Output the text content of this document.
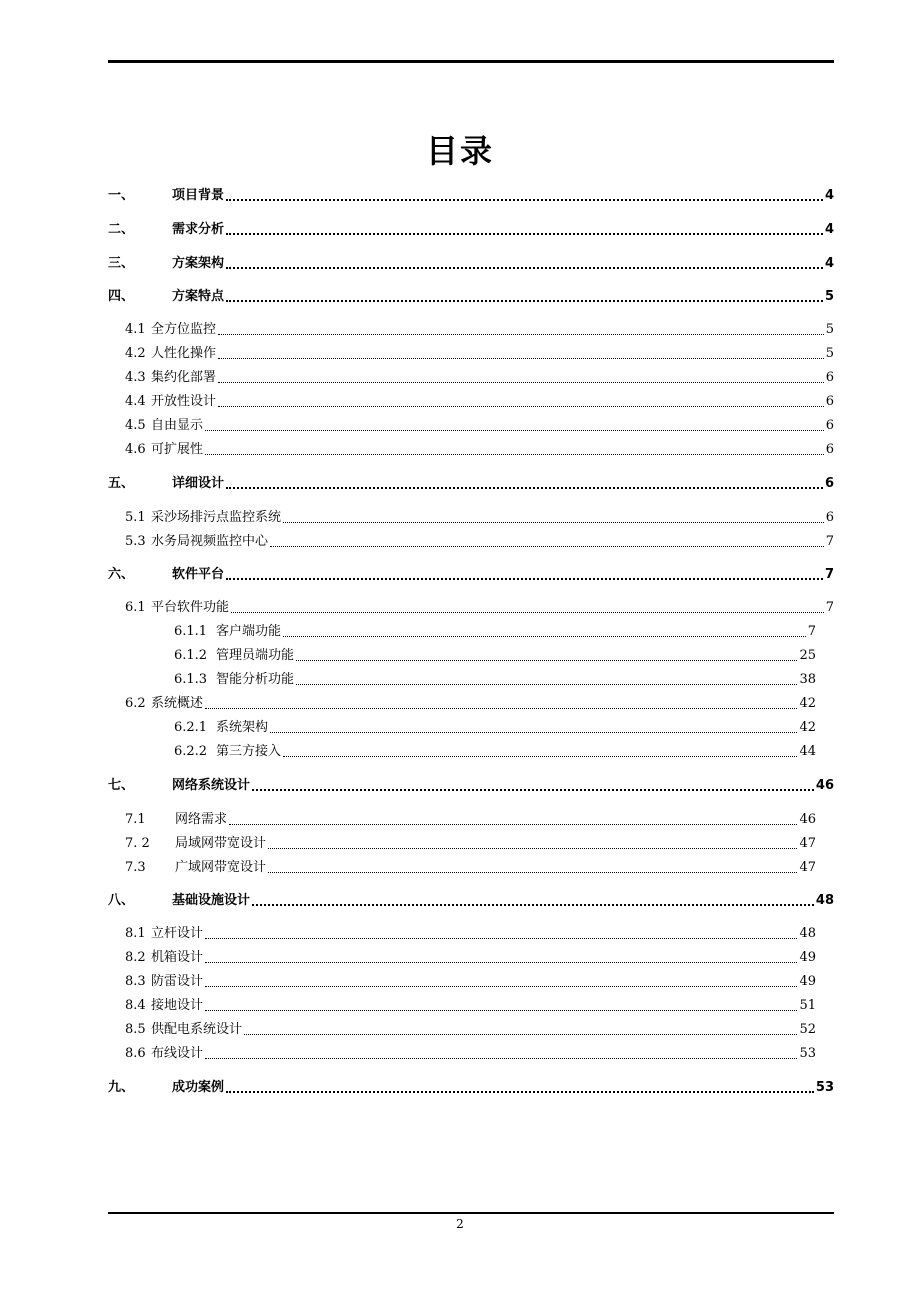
目录
一、	项目背景	4
二、	需求分析	4
三、	方案架构	4
四、	方案特点	5
4.1 全方位监控	5
4.2 人性化操作	5
4.3 集约化部署	6
4.4 开放性设计	6
4.5 自由显示	6
4.6 可扩展性	6
五、	详细设计	6
5.1 采沙场排污点监控系统	6
5.3 水务局视频监控中心	7
六、	软件平台	7
6.1 平台软件功能	7
6.1.1 客户端功能	7
6.1.2 管理员端功能	25
6.1.3 智能分析功能	38
6.2 系统概述	42
6.2.1 系统架构	42
6.2.2 第三方接入	44
七、	网络系统设计	46
7.1	网络需求	46
7. 2	局域网带宽设计	47
7.3	广域网带宽设计	47
八、	基础设施设计	48
8.1 立杆设计	48
8.2 机箱设计	49
8.3 防雷设计	49
8.4 接地设计	51
8.5 供配电系统设计	52
8.6 布线设计	53
九、	成功案例	53
2
